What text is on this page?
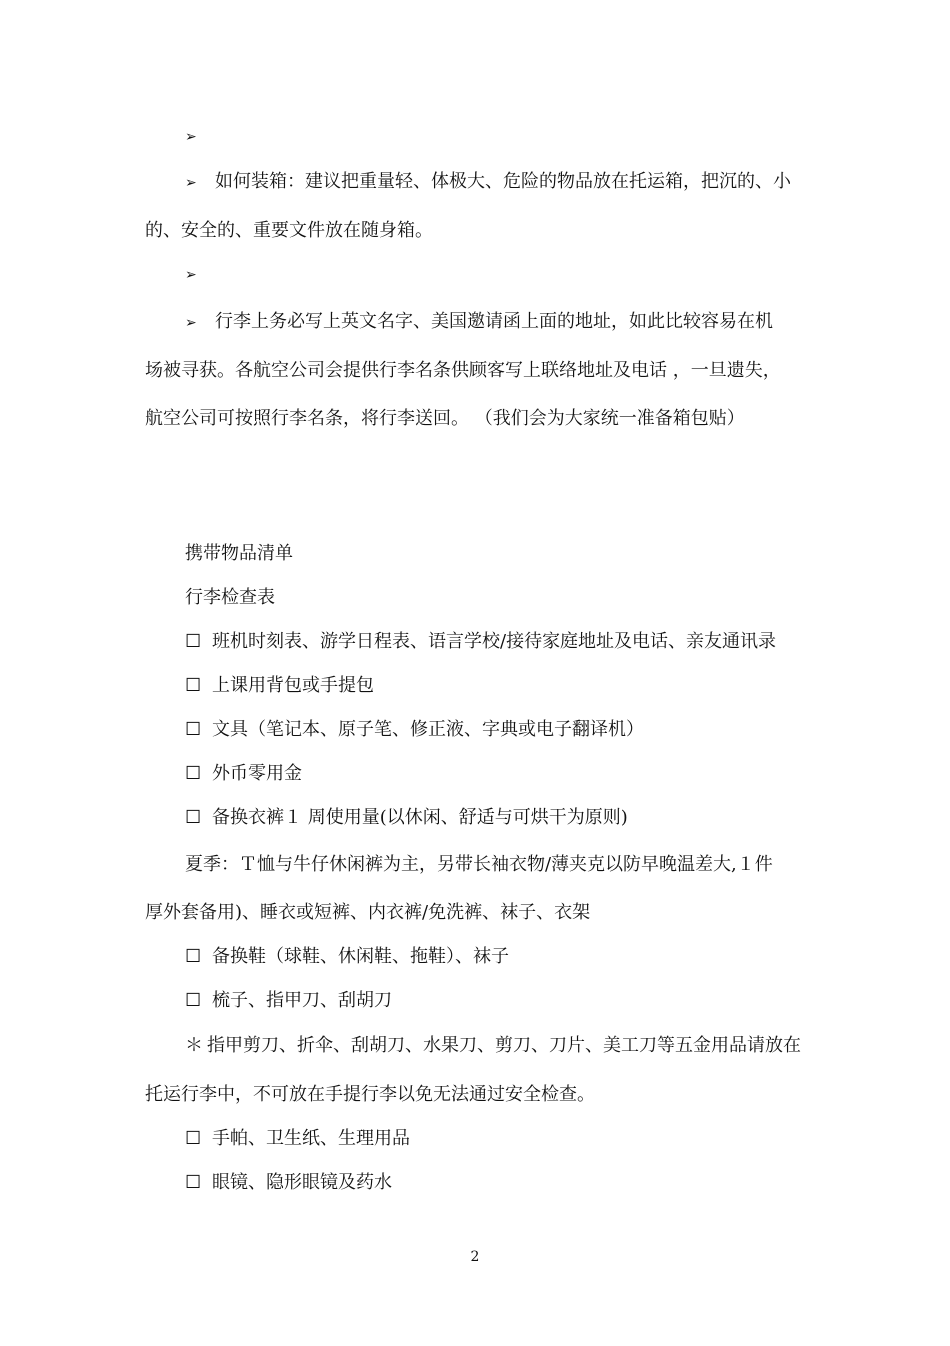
➢
➢ 如何装箱：建议把重量轻、体极大、危险的物品放在托运箱，把沉的、小
的、安全的、重要文件放在随身箱。
➢
➢ 行李上务必写上英文名字、美国邀请函上面的地址，如此比较容易在机
场被寻获。各航空公司会提供行李名条供顾客写上联络地址及电话 ，一旦遗失，
航空公司可按照行李名条，将行李送回。 （我们会为大家统一准备箱包贴）
携带物品清单
行李检查表
☐ 班机时刻表、游学日程表、语言学校/接待家庭地址及电话、亲友通讯录
☐ 上课用背包或手提包
☐ 文具（笔记本、原子笔、修正液、字典或电子翻译机）
☐ 外币零用金
☐ 备换衣裤１ 周使用量(以休闲、舒适与可烘干为原则)
夏季：Ｔ恤与牛仔休闲裤为主，另带长袖衣物/薄夹克以防早晚温差大,１件
厚外套备用)、睡衣或短裤、内衣裤/免洗裤、袜子、衣架
☐ 备换鞋（球鞋、休闲鞋、拖鞋）、袜子
☐ 梳子、指甲刀、刮胡刀
＊ 指甲剪刀、折伞、刮胡刀、水果刀、剪刀、刀片、美工刀等五金用品请放在
托运行李中，不可放在手提行李以免无法通过安全检查。
☐ 手帕、卫生纸、生理用品
☐ 眼镜、隐形眼镜及药水
2
